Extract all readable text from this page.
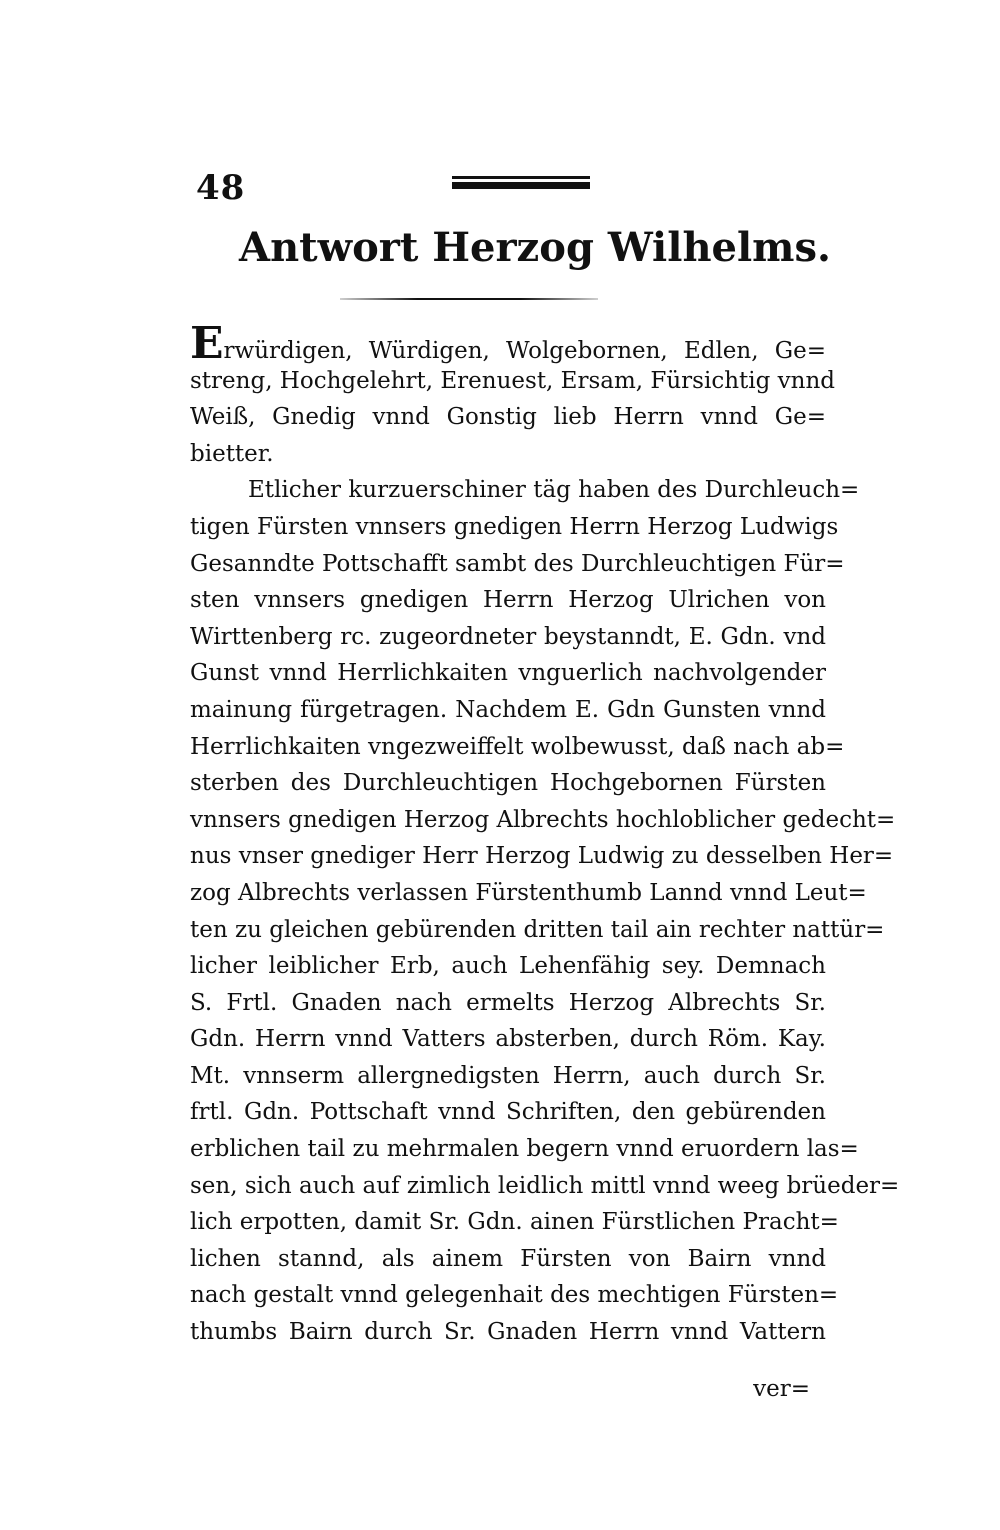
48
Antwort Herzog Wilhelms.
Erwürdigen, Würdigen, Wolgebornen, Edlen, Ge=
streng, Hochgelehrt, Erenuest, Ersam, Fürsichtig vnnd
Weiß, Gnedig vnnd Gonstig lieb Herrn vnnd Ge=
bietter.
Etlicher kurzuerschiner täg haben des Durchleuch=
tigen Fürsten vnnsers gnedigen Herrn Herzog Ludwigs
Gesanndte Pottschafft sambt des Durchleuchtigen Für=
sten vnnsers gnedigen Herrn Herzog Ulrichen von
Wirttenberg rc. zugeordneter beystanndt, E. Gdn. vnd
Gunst vnnd Herrlichkaiten vnguerlich nachvolgender
mainung fürgetragen. Nachdem E. Gdn Gunsten vnnd
Herrlichkaiten vngezweiffelt wolbewusst, daß nach ab=
sterben des Durchleuchtigen Hochgebornen Fürsten
vnnsers gnedigen Herzog Albrechts hochloblicher gedecht=
nus vnser gnediger Herr Herzog Ludwig zu desselben Her=
zog Albrechts verlassen Fürstenthumb Lannd vnnd Leut=
ten zu gleichen gebürenden dritten tail ain rechter nattür=
licher leiblicher Erb, auch Lehenfähig sey. Demnach
S. Frtl. Gnaden nach ermelts Herzog Albrechts Sr.
Gdn. Herrn vnnd Vatters absterben, durch Röm. Kay.
Mt. vnnserm allergnedigsten Herrn, auch durch Sr.
frtl. Gdn. Pottschaft vnnd Schriften, den gebürenden
erblichen tail zu mehrmalen begern vnnd eruordern las=
sen, sich auch auf zimlich leidlich mittl vnnd weeg brüeder=
lich erpotten, damit Sr. Gdn. ainen Fürstlichen Pracht=
lichen stannd, als ainem Fürsten von Bairn vnnd
nach gestalt vnnd gelegenhait des mechtigen Fürsten=
thumbs Bairn durch Sr. Gnaden Herrn vnnd Vattern
ver=
